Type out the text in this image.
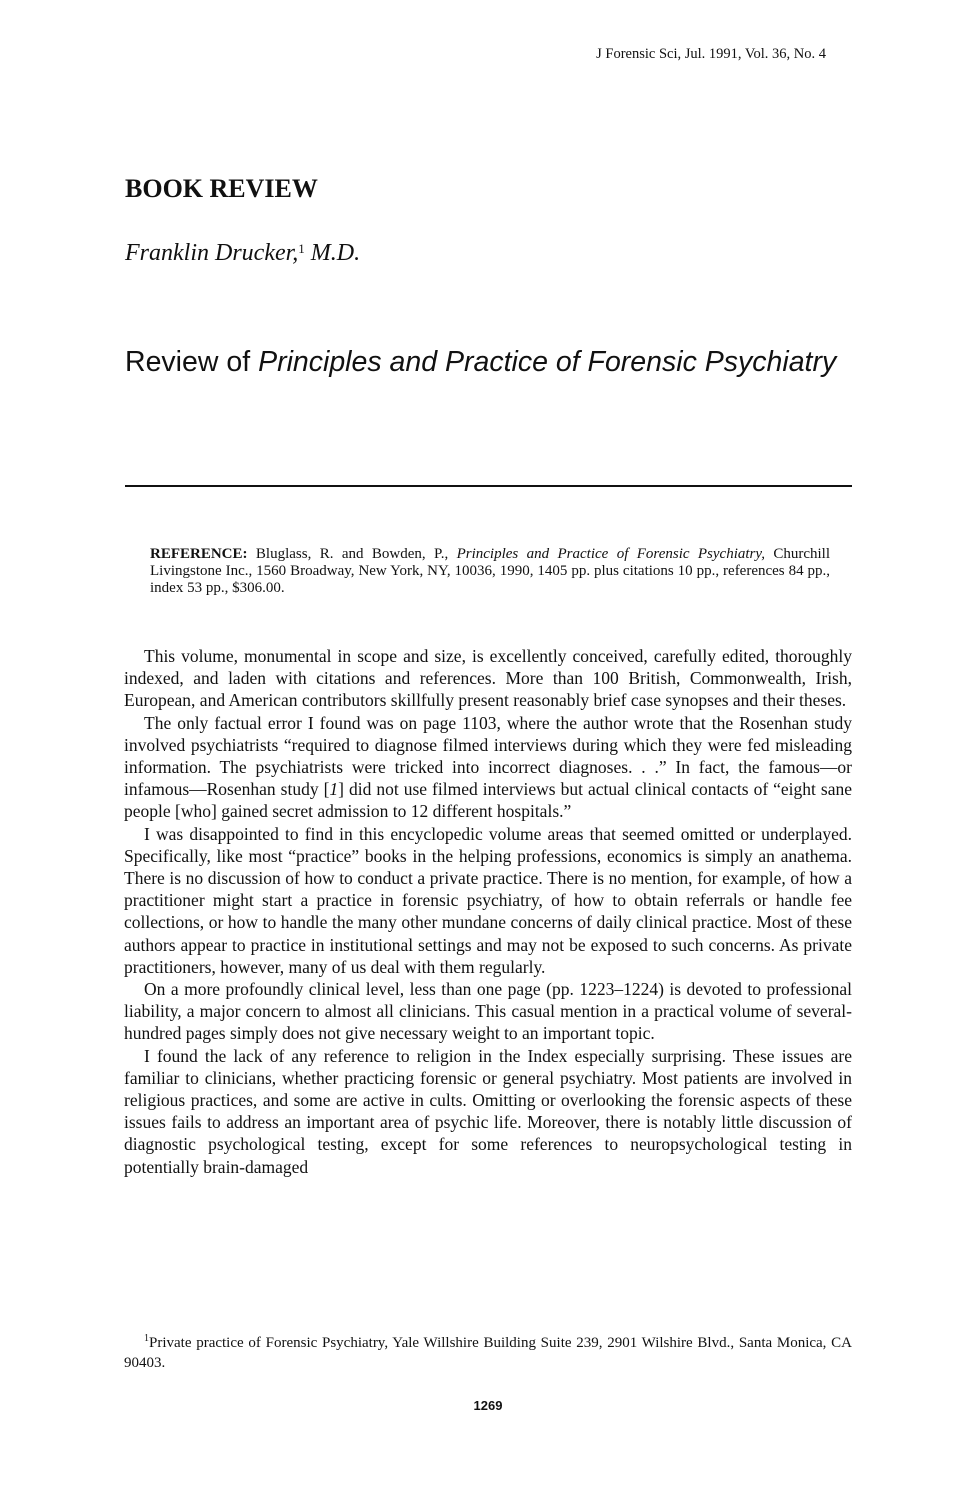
J Forensic Sci, Jul. 1991, Vol. 36, No. 4
BOOK REVIEW
Franklin Drucker,$^1$ M.D.
Review of Principles and Practice of Forensic Psychiatry

REFERENCE: Bluglass, R. and Bowden, P., Principles and Practice of Forensic Psychiatry, Churchill Livingstone Inc., 1560 Broadway, New York, NY, 10036, 1990, 1405 pp. plus citations 10 pp., references 84 pp., index 53 pp., $306.00.

This volume, monumental in scope and size, is excellently conceived, carefully edited, thoroughly indexed, and laden with citations and references. More than 100 British, Commonwealth, Irish, European, and American contributors skillfully present reasonably brief case synopses and their theses.

The only factual error I found was on page 1103, where the author wrote that the Rosenhan study involved psychiatrists “required to diagnose filmed interviews during which they were fed misleading information. The psychiatrists were tricked into incorrect diagnoses. . .” In fact, the famous—or infamous—Rosenhan study [1] did not use filmed interviews but actual clinical contacts of “eight sane people [who] gained secret admission to 12 different hospitals.”

I was disappointed to find in this encyclopedic volume areas that seemed omitted or underplayed. Specifically, like most “practice” books in the helping professions, economics is simply an anathema. There is no discussion of how to conduct a private practice. There is no mention, for example, of how a practitioner might start a practice in forensic psychiatry, of how to obtain referrals or handle fee collections, or how to handle the many other mundane concerns of daily clinical practice. Most of these authors appear to practice in institutional settings and may not be exposed to such concerns. As private practitioners, however, many of us deal with them regularly.

On a more profoundly clinical level, less than one page (pp. 1223–1224) is devoted to professional liability, a major concern to almost all clinicians. This casual mention in a practical volume of several-hundred pages simply does not give necessary weight to an important topic.

I found the lack of any reference to religion in the Index especially surprising. These issues are familiar to clinicians, whether practicing forensic or general psychiatry. Most patients are involved in religious practices, and some are active in cults. Omitting or overlooking the forensic aspects of these issues fails to address an important area of psychic life. Moreover, there is notably little discussion of diagnostic psychological testing, except for some references to neuropsychological testing in potentially brain-damaged

$^1$Private practice of Forensic Psychiatry, Yale Willshire Building Suite 239, 2901 Wilshire Blvd., Santa Monica, CA 90403.

1269
